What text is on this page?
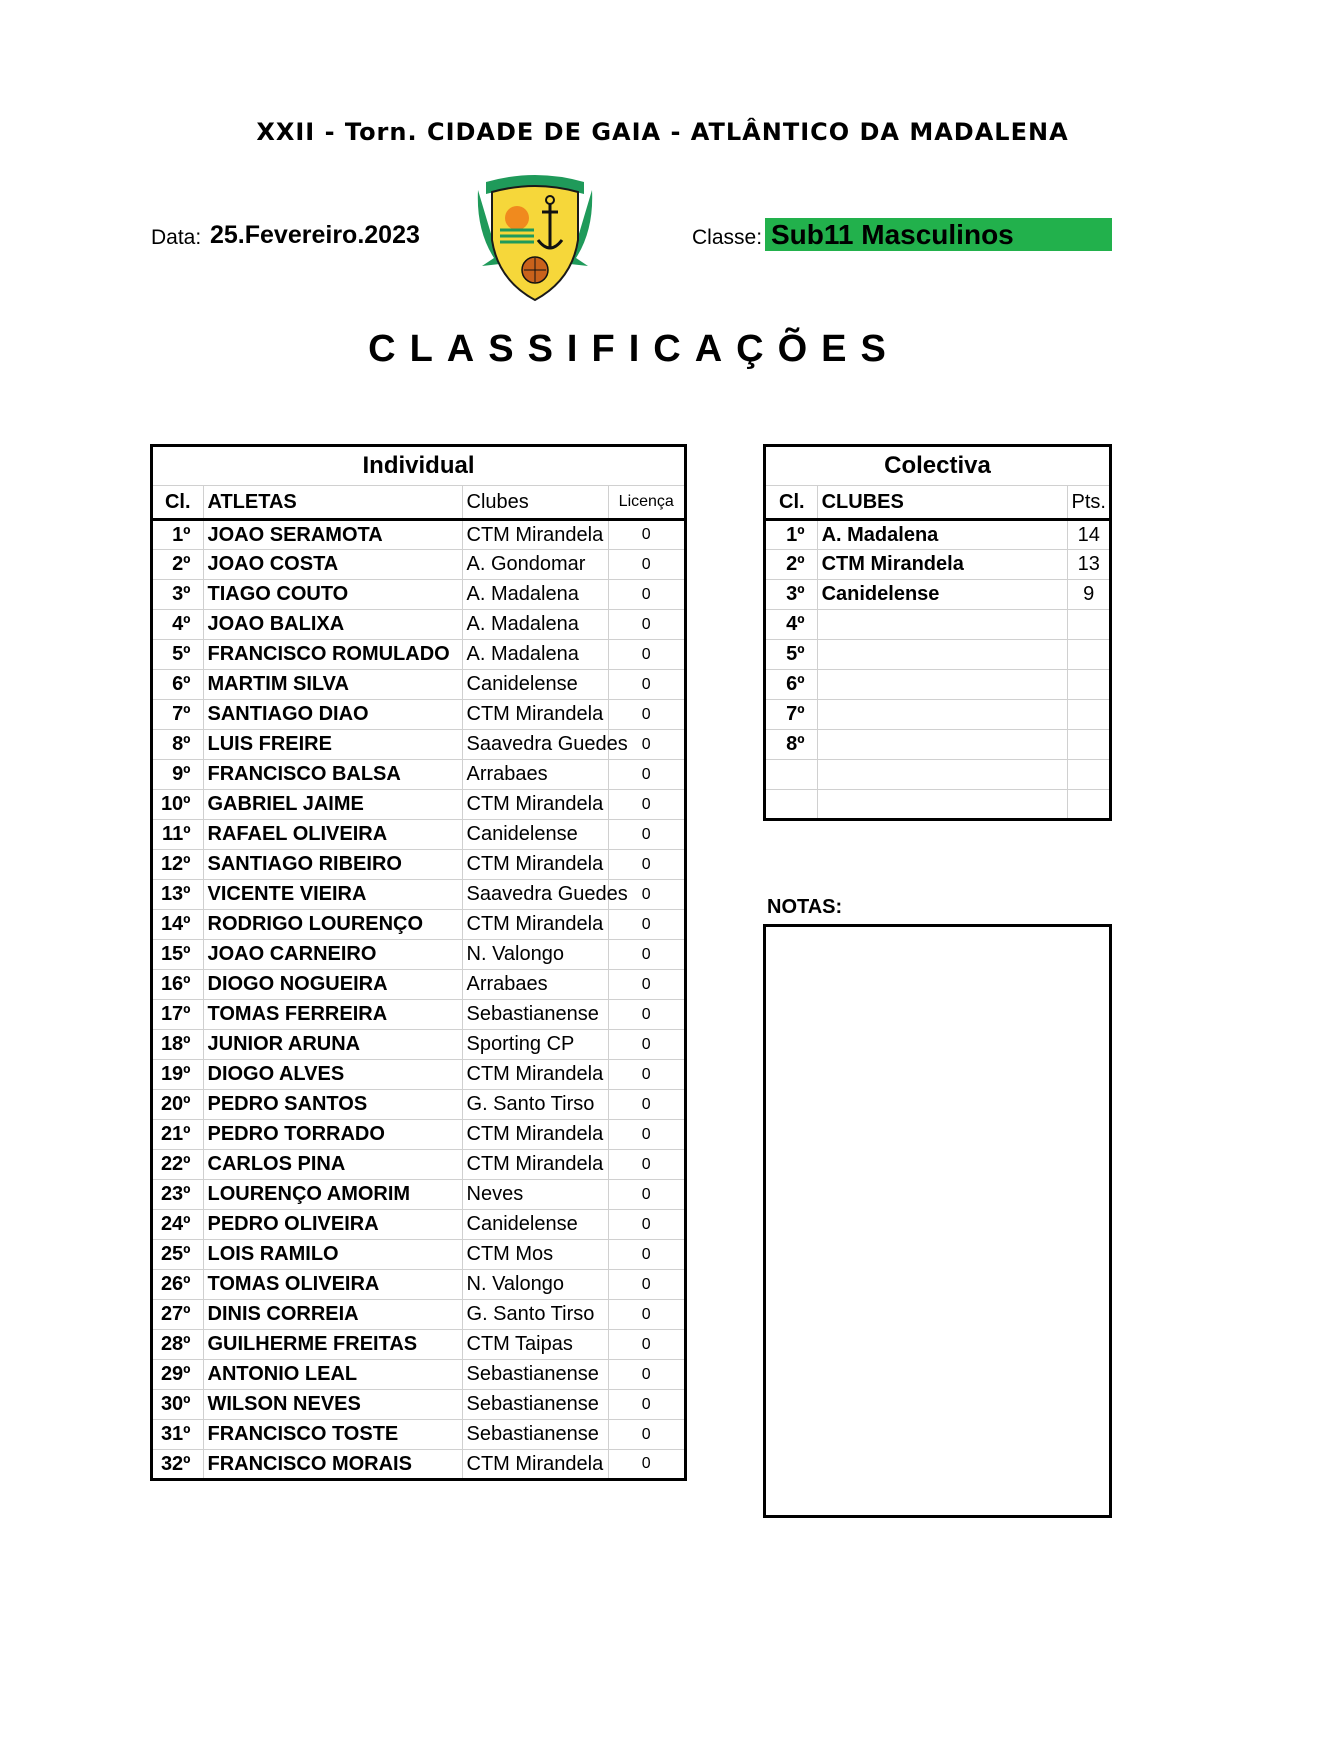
XXII - Torn. CIDADE DE GAIA - ATLÂNTICO DA MADALENA
Data: 25.Fevereiro.2023	Classe: Sub11 Masculinos
CLASSIFICAÇÕES
Individual			
Cl.	ATLETAS	Clubes	Licença
1º	JOAO SERAMOTA	CTM Mirandela	0
2º	JOAO COSTA	A. Gondomar	0
3º	TIAGO COUTO	A. Madalena	0
4º	JOAO BALIXA	A. Madalena	0
5º	FRANCISCO ROMULADO	A. Madalena	0
6º	MARTIM SILVA	Canidelense	0
7º	SANTIAGO DIAO	CTM Mirandela	0
8º	LUIS FREIRE	Saavedra Guedes	0
9º	FRANCISCO BALSA	Arrabaes	0
10º	GABRIEL JAIME	CTM Mirandela	0
11º	RAFAEL OLIVEIRA	Canidelense	0
12º	SANTIAGO RIBEIRO	CTM Mirandela	0
13º	VICENTE VIEIRA	Saavedra Guedes	0
14º	RODRIGO LOURENÇO	CTM Mirandela	0
15º	JOAO CARNEIRO	N. Valongo	0
16º	DIOGO NOGUEIRA	Arrabaes	0
17º	TOMAS FERREIRA	Sebastianense	0
18º	JUNIOR ARUNA	Sporting CP	0
19º	DIOGO ALVES	CTM Mirandela	0
20º	PEDRO SANTOS	G. Santo Tirso	0
21º	PEDRO TORRADO	CTM Mirandela	0
22º	CARLOS PINA	CTM Mirandela	0
23º	LOURENÇO AMORIM	Neves	0
24º	PEDRO OLIVEIRA	Canidelense	0
25º	LOIS RAMILO	CTM Mos	0
26º	TOMAS OLIVEIRA	N. Valongo	0
27º	DINIS CORREIA	G. Santo Tirso	0
28º	GUILHERME FREITAS	CTM Taipas	0
29º	ANTONIO LEAL	Sebastianense	0
30º	WILSON NEVES	Sebastianense	0
31º	FRANCISCO TOSTE	Sebastianense	0
32º	FRANCISCO MORAIS	CTM Mirandela	0
Colectiva		
Cl.	CLUBES	Pts.
1º	A. Madalena	14
2º	CTM Mirandela	13
3º	Canidelense	9
4º		
5º		
6º		
7º		
8º		

NOTAS:
